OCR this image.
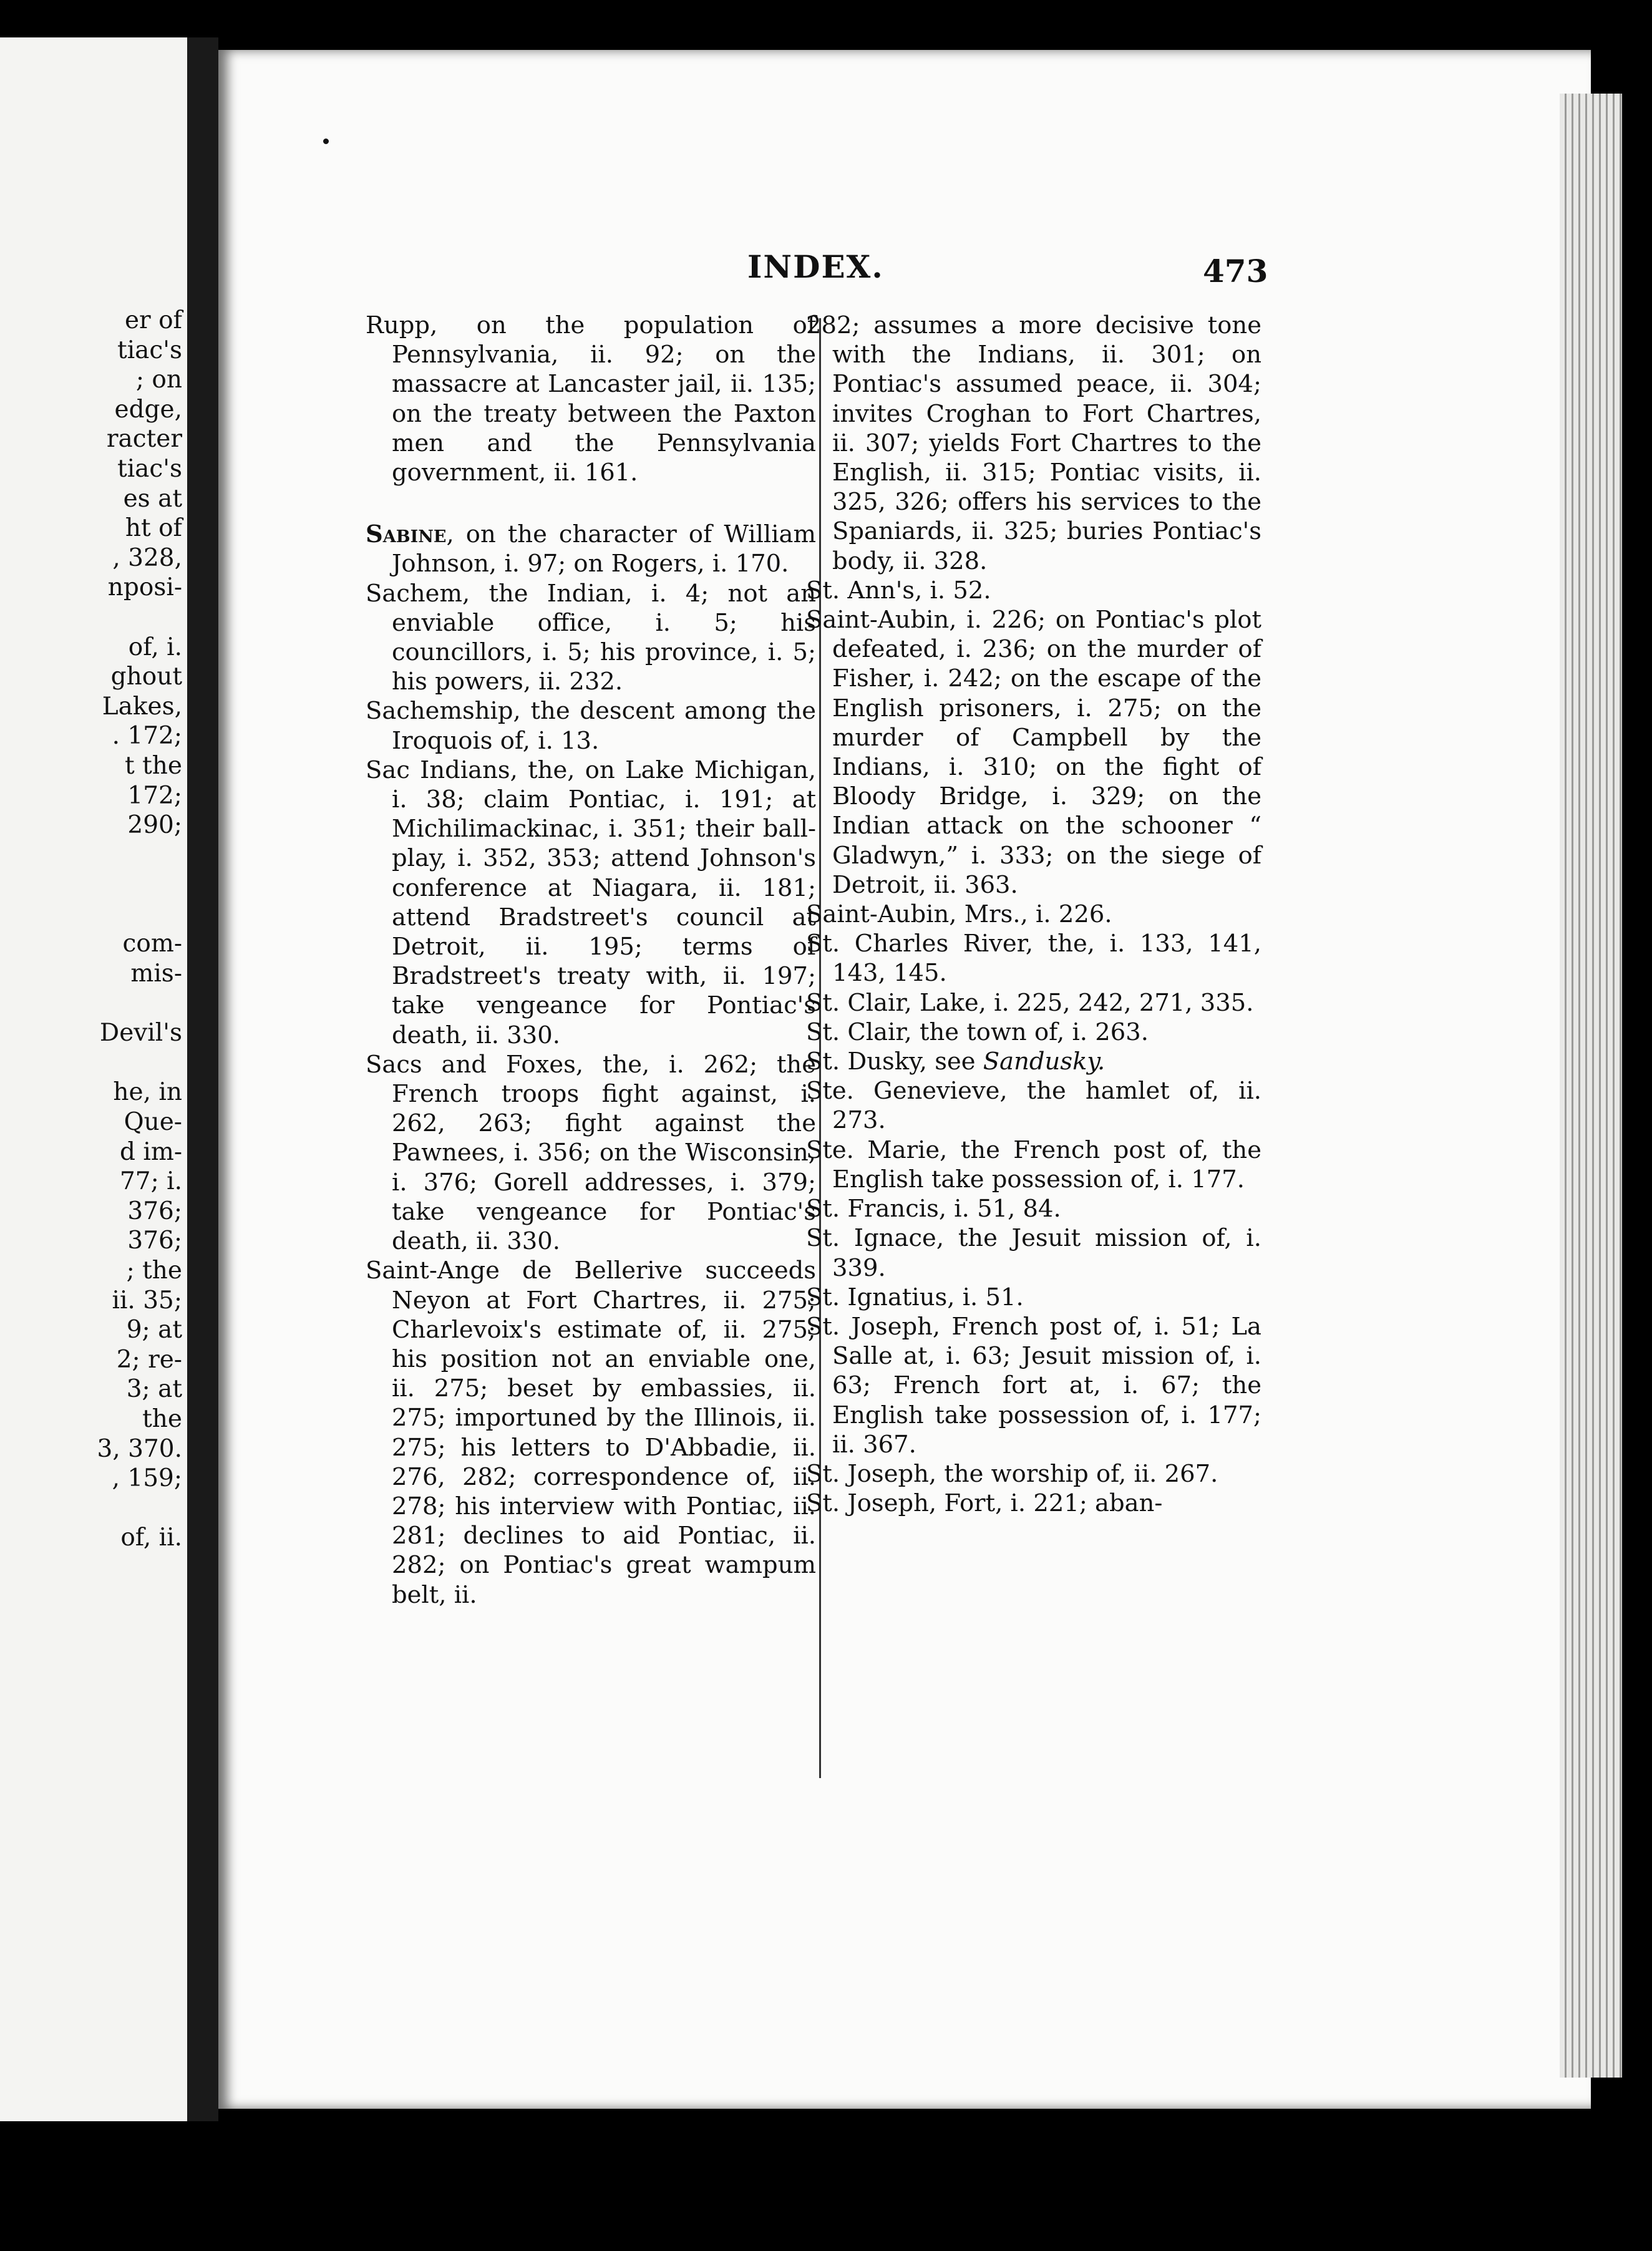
er of
tiac's
; on
edge,
racter
tiac's
es at
ht of
, 328,
nposi-
of, i.
ghout
Lakes,
. 172;
t the
172;
290;
com-
mis-
Devil's
he, in
Que-
d im-
77; i.
376;
376;
; the
ii. 35;
9; at
2; re-
3; at
the
3, 370.
, 159;
of, ii.
INDEX.	473

Rupp, on the population of Pennsylvania, ii. 92; on the massacre at Lancaster jail, ii. 135; on the treaty between the Paxton men and the Pennsylvania government, ii. 161.

Sabine, on the character of William Johnson, i. 97; on Rogers, i. 170.

Sachem, the Indian, i. 4; not an enviable office, i. 5; his councillors, i. 5; his province, i. 5; his powers, ii. 232.

Sachemship, the descent among the Iroquois of, i. 13.

Sac Indians, the, on Lake Michigan, i. 38; claim Pontiac, i. 191; at Michilimackinac, i. 351; their ball-play, i. 352, 353; attend Johnson's conference at Niagara, ii. 181; attend Bradstreet's council at Detroit, ii. 195; terms of Bradstreet's treaty with, ii. 197; take vengeance for Pontiac's death, ii. 330.

Sacs and Foxes, the, i. 262; the French troops fight against, i. 262, 263; fight against the Pawnees, i. 356; on the Wisconsin, i. 376; Gorell addresses, i. 379; take vengeance for Pontiac's death, ii. 330.

Saint-Ange de Bellerive succeeds Neyon at Fort Chartres, ii. 275; Charlevoix's estimate of, ii. 275; his position not an enviable one, ii. 275; beset by embassies, ii. 275; importuned by the Illinois, ii. 275; his letters to D'Abbadie, ii. 276, 282; correspondence of, ii. 278; his interview with Pontiac, ii. 281; declines to aid Pontiac, ii. 282; on Pontiac's great wampum belt, ii.

282; assumes a more decisive tone with the Indians, ii. 301; on Pontiac's assumed peace, ii. 304; invites Croghan to Fort Chartres, ii. 307; yields Fort Chartres to the English, ii. 315; Pontiac visits, ii. 325, 326; offers his services to the Spaniards, ii. 325; buries Pontiac's body, ii. 328.

St. Ann's, i. 52.

Saint-Aubin, i. 226; on Pontiac's plot defeated, i. 236; on the murder of Fisher, i. 242; on the escape of the English prisoners, i. 275; on the murder of Campbell by the Indians, i. 310; on the fight of Bloody Bridge, i. 329; on the Indian attack on the schooner “ Gladwyn,” i. 333; on the siege of Detroit, ii. 363.

Saint-Aubin, Mrs., i. 226.

St. Charles River, the, i. 133, 141, 143, 145.

St. Clair, Lake, i. 225, 242, 271, 335.

St. Clair, the town of, i. 263.

St. Dusky, see Sandusky.

Ste. Genevieve, the hamlet of, ii. 273.

Ste. Marie, the French post of, the English take possession of, i. 177.

St. Francis, i. 51, 84.

St. Ignace, the Jesuit mission of, i. 339.

St. Ignatius, i. 51.

St. Joseph, French post of, i. 51; La Salle at, i. 63; Jesuit mission of, i. 63; French fort at, i. 67; the English take possession of, i. 177; ii. 367.

St. Joseph, the worship of, ii. 267.

St. Joseph, Fort, i. 221; aban-
